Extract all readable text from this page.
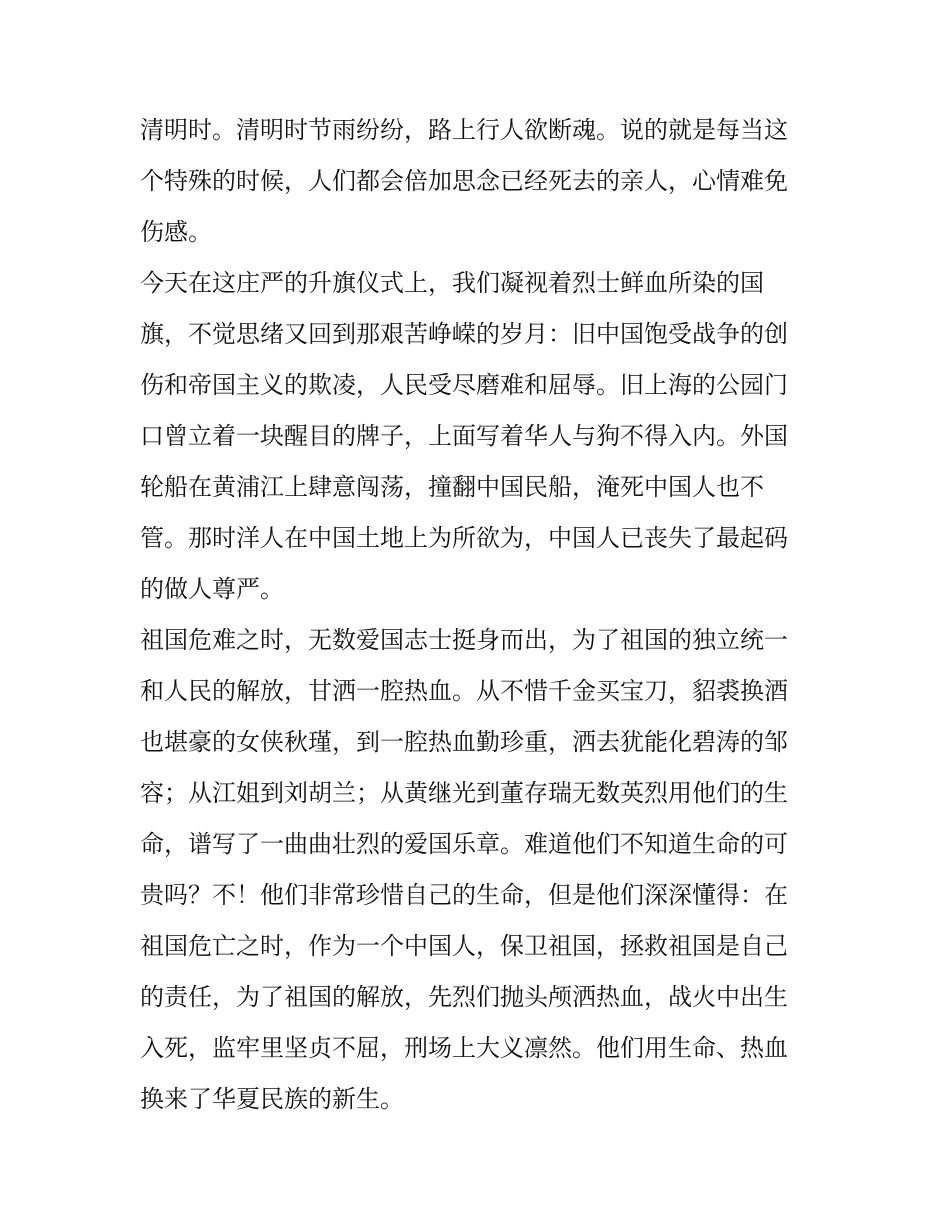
清明时。清明时节雨纷纷，路上行人欲断魂。说的就是每当这
个特殊的时候，人们都会倍加思念已经死去的亲人，心情难免
伤感。
今天在这庄严的升旗仪式上，我们凝视着烈士鲜血所染的国
旗，不觉思绪又回到那艰苦峥嵘的岁月：旧中国饱受战争的创
伤和帝国主义的欺凌，人民受尽磨难和屈辱。旧上海的公园门
口曾立着一块醒目的牌子，上面写着华人与狗不得入内。外国
轮船在黄浦江上肆意闯荡，撞翻中国民船，淹死中国人也不
管。那时洋人在中国土地上为所欲为，中国人已丧失了最起码
的做人尊严。
祖国危难之时，无数爱国志士挺身而出，为了祖国的独立统一
和人民的解放，甘洒一腔热血。从不惜千金买宝刀，貂裘换酒
也堪豪的女侠秋瑾，到一腔热血勤珍重，洒去犹能化碧涛的邹
容；从江姐到刘胡兰；从黄继光到董存瑞无数英烈用他们的生
命，谱写了一曲曲壮烈的爱国乐章。难道他们不知道生命的可
贵吗？不！他们非常珍惜自己的生命，但是他们深深懂得：在
祖国危亡之时，作为一个中国人，保卫祖国，拯救祖国是自己
的责任，为了祖国的解放，先烈们抛头颅洒热血，战火中出生
入死，监牢里坚贞不屈，刑场上大义凛然。他们用生命、热血
换来了华夏民族的新生。
